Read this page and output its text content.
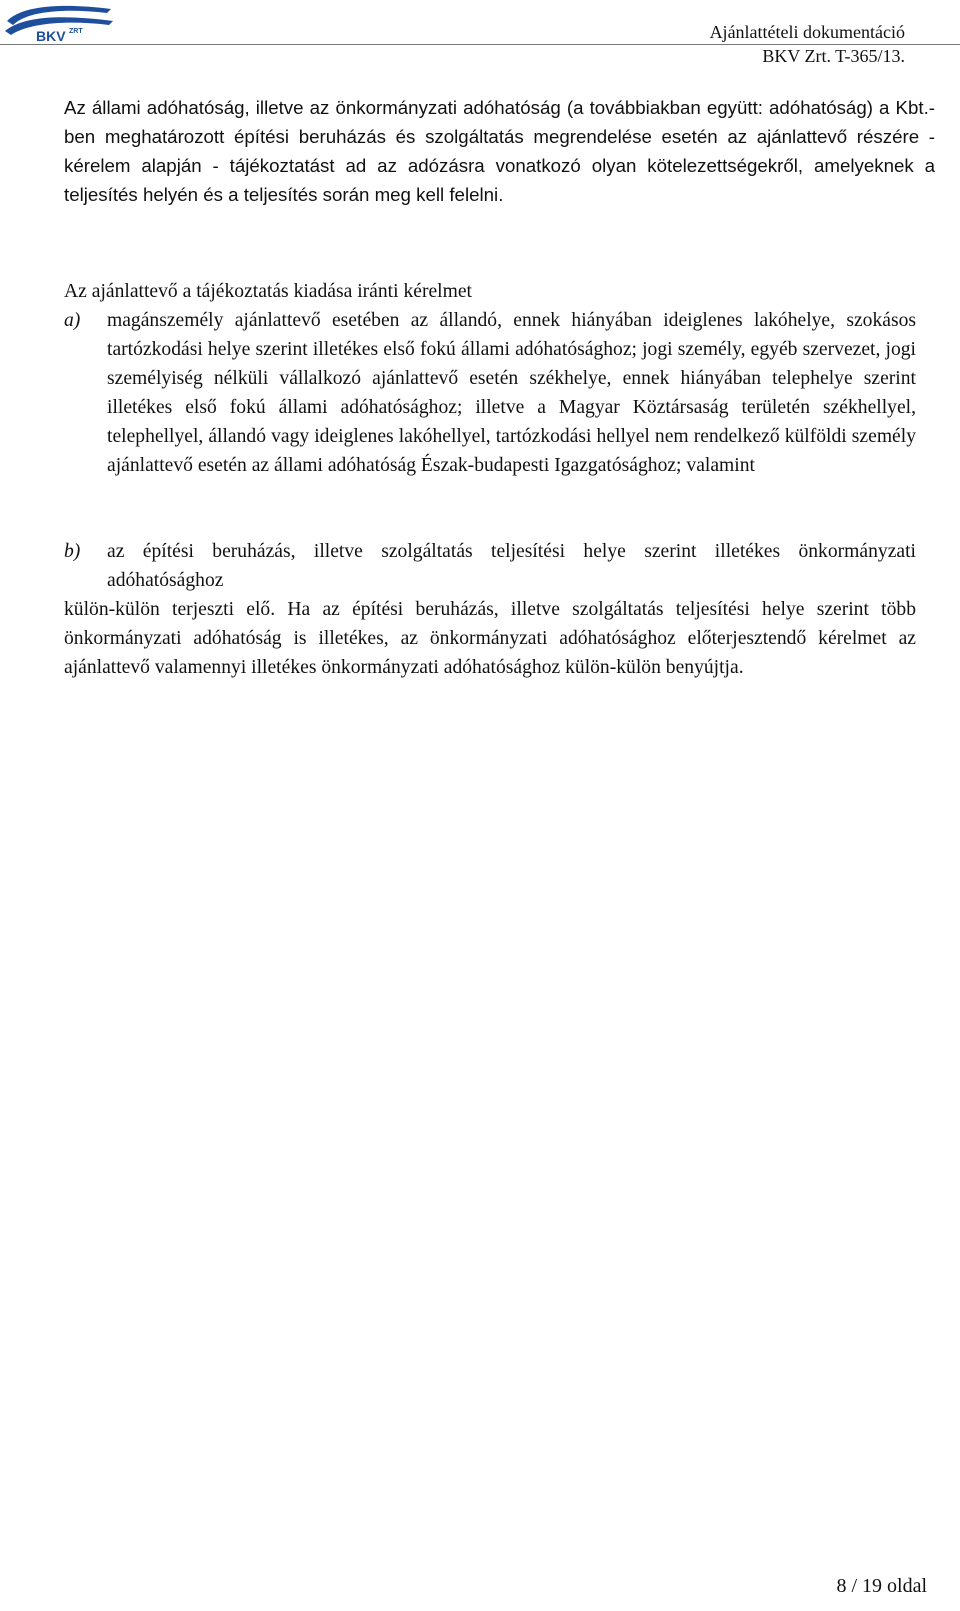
BKV ZRT	Ajánlattételi dokumentáció
BKV Zrt. T-365/13.

Az állami adóhatóság, illetve az önkormányzati adóhatóság (a továbbiakban együtt: adóhatóság) a Kbt.-ben meghatározott építési beruházás és szolgáltatás megrendelése esetén az ajánlattevő részére - kérelem alapján - tájékoztatást ad az adózásra vonatkozó olyan kötelezettségekről, amelyeknek a teljesítés helyén és a teljesítés során meg kell felelni.

Az ajánlattevő a tájékoztatás kiadása iránti kérelmet

a) magánszemély ajánlattevő esetében az állandó, ennek hiányában ideiglenes lakóhelye, szokásos tartózkodási helye szerint illetékes első fokú állami adóhatósághoz; jogi személy, egyéb szervezet, jogi személyiség nélküli vállalkozó ajánlattevő esetén székhelye, ennek hiányában telephelye szerint illetékes első fokú állami adóhatósághoz; illetve a Magyar Köztársaság területén székhellyel, telephellyel, állandó vagy ideiglenes lakóhellyel, tartózkodási hellyel nem rendelkező külföldi személy ajánlattevő esetén az állami adóhatóság Észak-budapesti Igazgatósághoz; valamint
b) az építési beruházás, illetve szolgáltatás teljesítési helye szerint illetékes önkormányzati adóhatósághoz

külön-külön terjeszti elő. Ha az építési beruházás, illetve szolgáltatás teljesítési helye szerint több önkormányzati adóhatóság is illetékes, az önkormányzati adóhatósághoz előterjesztendő kérelmet az ajánlattevő valamennyi illetékes önkormányzati adóhatósághoz külön-külön benyújtja.

8 / 19 oldal
